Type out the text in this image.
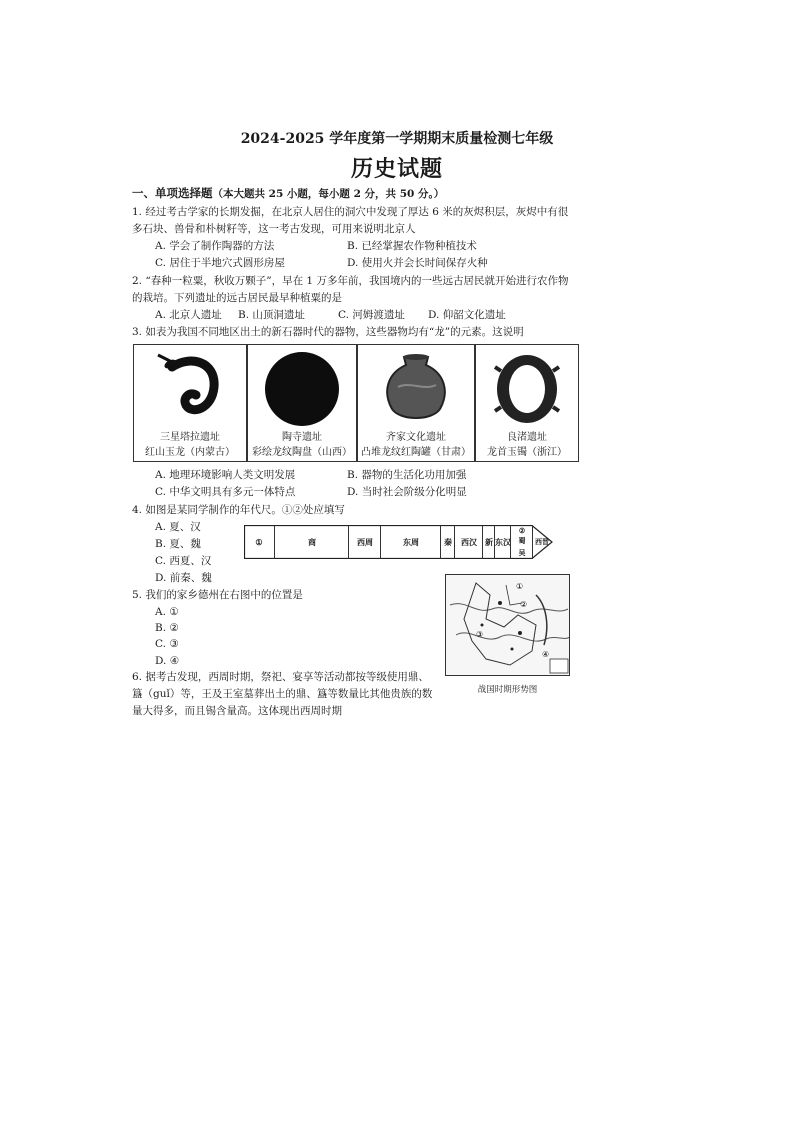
2024-2025 学年度第一学期期末质量检测七年级
历史试题
一、单项选择题（本大题共 25 小题，每小题 2 分，共 50 分。）
1. 经过考古学家的长期发掘，在北京人居住的洞穴中发现了厚达 6 米的灰烬积层，灰烬中有很
多石块、兽骨和朴树籽等，这一考古发现，可用来说明北京人
A. 学会了制作陶器的方法	B. 已经掌握农作物种植技术
C. 居住于半地穴式圆形房屋	D. 使用火并会长时间保存火种
2. “春种一粒粟，秋收万颗子”，早在 1 万多年前，我国境内的一些远古居民就开始进行农作物
的栽培。下列遗址的远古居民最早种植粟的是
A. 北京人遗址 B. 山顶洞遗址	C. 河姆渡遗址 D. 仰韶文化遗址
3. 如表为我国不同地区出土的新石器时代的器物，这些器物均有“龙”的元素。这说明
三星塔拉遗址
红山玉龙（内蒙古）
陶寺遗址
彩绘龙纹陶盘（山西）
齐家文化遗址
凸堆龙纹红陶罐（甘肃）
良渚遗址
龙首玉镯（浙江）
A. 地理环境影响人类文明发展	B. 器物的生活化功用加强
C. 中华文明具有多元一体特点	D. 当时社会阶级分化明显
4. 如图是某同学制作的年代尺。①②处应填写
A. 夏、汉
B. 夏、魏
C. 西夏、汉
D. 前秦、魏
①	商	西周	东周	秦	西汉	新 东汉
②
蜀
吴
西晋
5. 我们的家乡德州在右图中的位置是
A. ①
B. ②
C. ③
D. ④
①
②
③
④
战国时期形势图
6. 据考古发现，西周时期，祭祀、宴享等活动都按等级使用鼎、
簋（guǐ）等，王及王室墓葬出土的鼎、簋等数量比其他贵族的数
量大得多，而且锡含量高。这体现出西周时期
